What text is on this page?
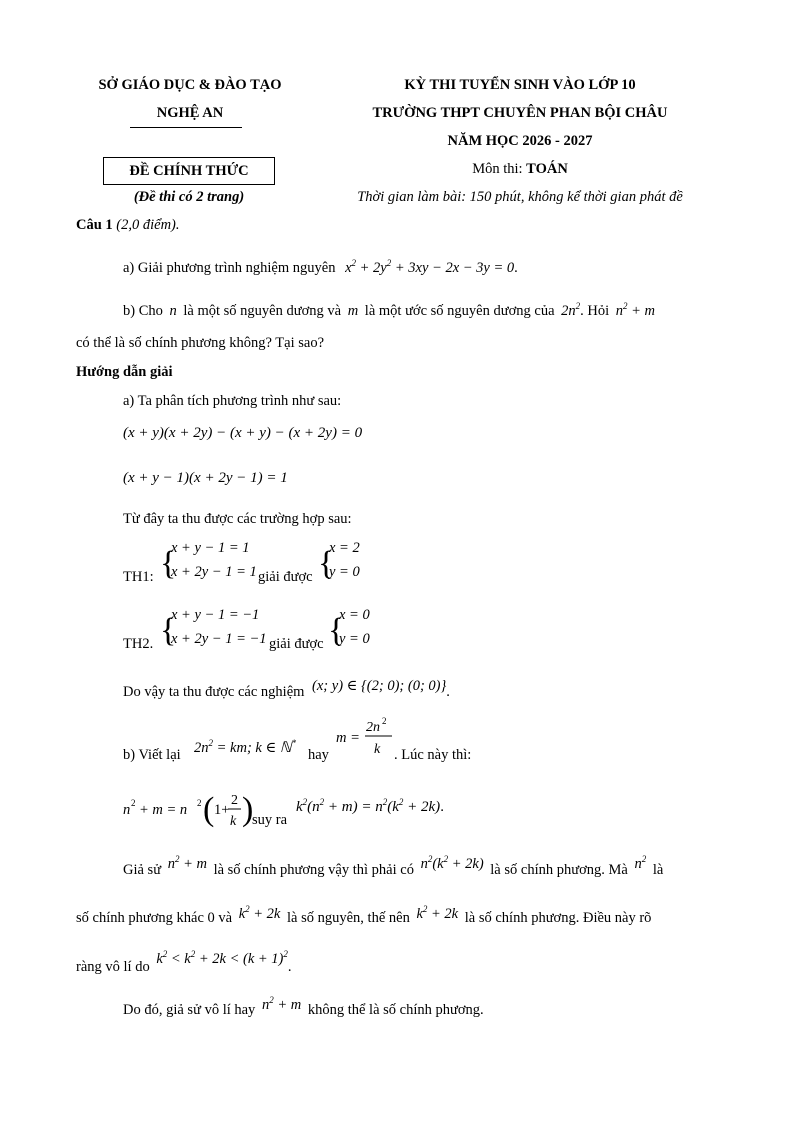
SỞ GIÁO DỤC & ĐÀO TẠO
NGHỆ AN
KỲ THI TUYỂN SINH VÀO LỚP 10
TRƯỜNG THPT CHUYÊN PHAN BỘI CHÂU
NĂM HỌC 2026 - 2027
ĐỀ CHÍNH THỨC
(Đề thi có 2 trang)
Môn thi: TOÁN
Thời gian làm bài: 150 phút, không kể thời gian phát đề
Câu 1 (2,0 điểm).
a) Giải phương trình nghiệm nguyên $x^2 + 2y^2 + 3xy - 2x - 3y = 0$.
b) Cho n là một số nguyên dương và m là một ước số nguyên dương của $2n^2$. Hỏi $n^2 + m$
có thể là số chính phương không? Tại sao?
Hướng dẫn giải
a) Ta phân tích phương trình như sau:
(x + y)(x + 2y) − (x + y) − (x + 2y) = 0
(x + y − 1)(x + 2y − 1) = 1
Từ đây ta thu được các trường hợp sau:
TH1: {
x + y − 1 = 1
x + 2y − 1 = 1 {
x = 2
y = 0
giải được
TH2. {
x + y − 1 = −1
x + 2y − 1 = −1 {
x = 0
y = 0
giải được
Do vậy ta thu được các nghiệm (x; y) ∈ {(2; 0); (0; 0)}.
b) Viết lại $2n^2$ = km; k ∈ ℕ*
hay
m =
2n 2
k . Lúc này thì:
n 2 + m = n 2 ( 1+
2
k )
suy ra
$k^2(n^2 + m) = n^2(k^2 + 2k)$.
Giả sử $n^2 + m$ là số chính phương vậy thì phải có $n^2(k^2 + 2k)$ là số chính phương. Mà $n^2$ là
số chính phương khác 0 và $k^2 + 2k$ là số nguyên, thế nên $k^2 + 2k$ là số chính phương. Điều này rõ
ràng vô lí do $k^2 < k^2 + 2k < (k + 1)^2$.
Do đó, giả sử vô lí hay $n^2 + m$ không thể là số chính phương.
